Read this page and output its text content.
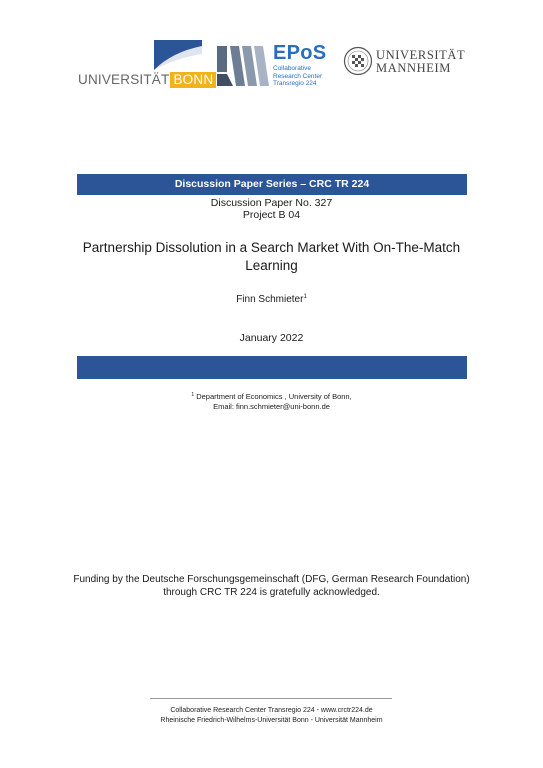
UNIVERSITÄT BONN
EPoS
Collaborative
Research Center
Transregio 224
UNIVERSITÄT
MANNHEIM
Discussion Paper Series – CRC TR 224
Discussion Paper No. 327
Project B 04
Partnership Dissolution in a Search Market With On-The-Match
Learning
Finn Schmieter$^1$
January 2022
$^1$ Department of Economics , University of Bonn,
Email: finn.schmieter@uni-bonn.de
Funding by the Deutsche Forschungsgemeinschaft (DFG, German Research Foundation)
through CRC TR 224 is gratefully acknowledged.
Collaborative Research Center Transregio 224 - www.crctr224.de
Rheinische Friedrich-Wilhelms-Universität Bonn - Universität Mannheim
